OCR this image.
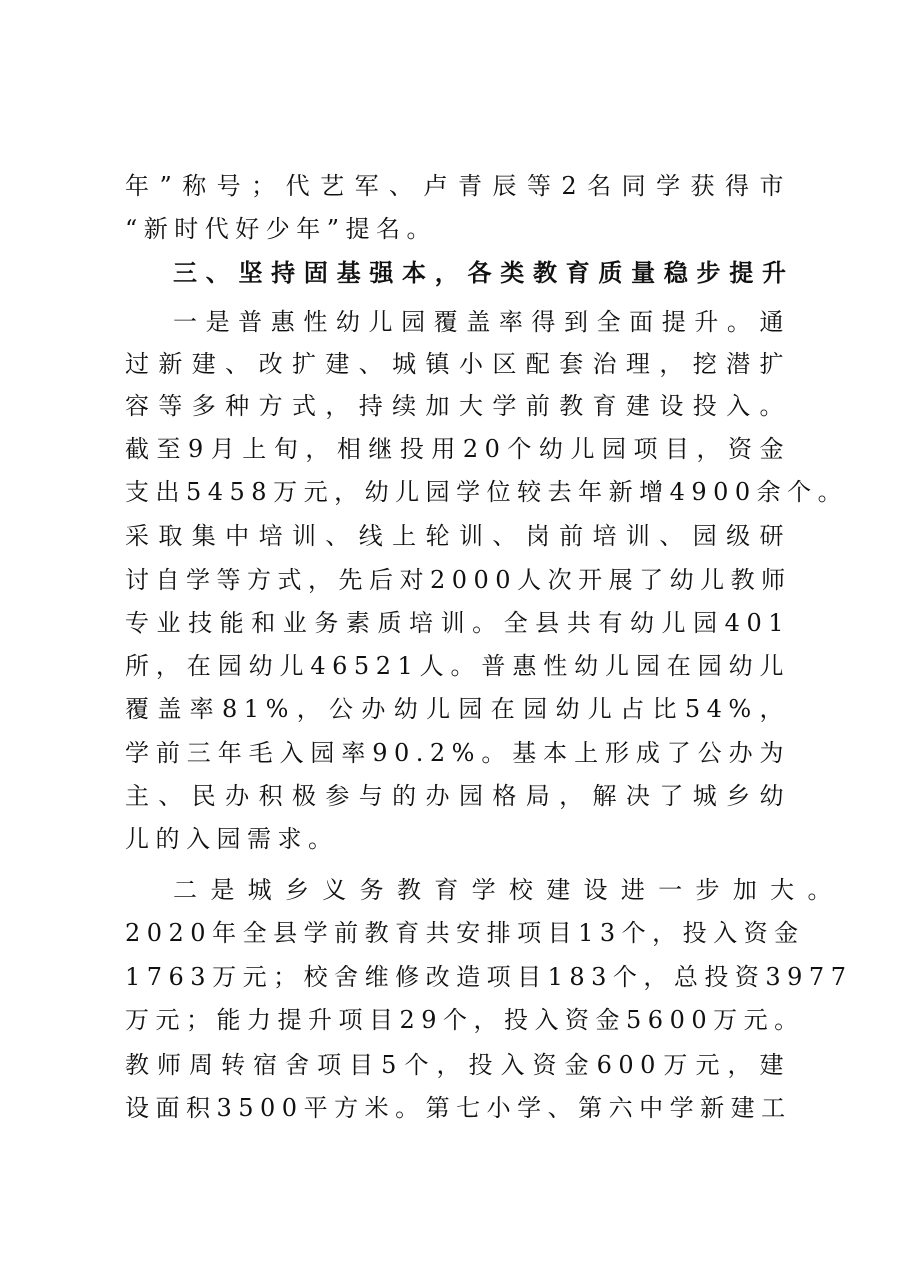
年”称号；代艺军、卢青辰等2名同学获得市
“新时代好少年”提名。
三、坚持固基强本，各类教育质量稳步提升
一是普惠性幼儿园覆盖率得到全面提升。通
过新建、改扩建、城镇小区配套治理，挖潜扩
容等多种方式，持续加大学前教育建设投入。
截至9月上旬，相继投用20个幼儿园项目，资金
支出5458万元，幼儿园学位较去年新增4900余个。
采取集中培训、线上轮训、岗前培训、园级研
讨自学等方式，先后对2000人次开展了幼儿教师
专业技能和业务素质培训。全县共有幼儿园401
所，在园幼儿46521人。普惠性幼儿园在园幼儿
覆盖率81%，公办幼儿园在园幼儿占比54%，
学前三年毛入园率90.2%。基本上形成了公办为
主、民办积极参与的办园格局，解决了城乡幼
儿的入园需求。
二是城乡义务教育学校建设进一步加大。
2020年全县学前教育共安排项目13个，投入资金
1763万元；校舍维修改造项目183个，总投资3977
万元；能力提升项目29个，投入资金5600万元。
教师周转宿舍项目5个，投入资金600万元，建
设面积3500平方米。第七小学、第六中学新建工
